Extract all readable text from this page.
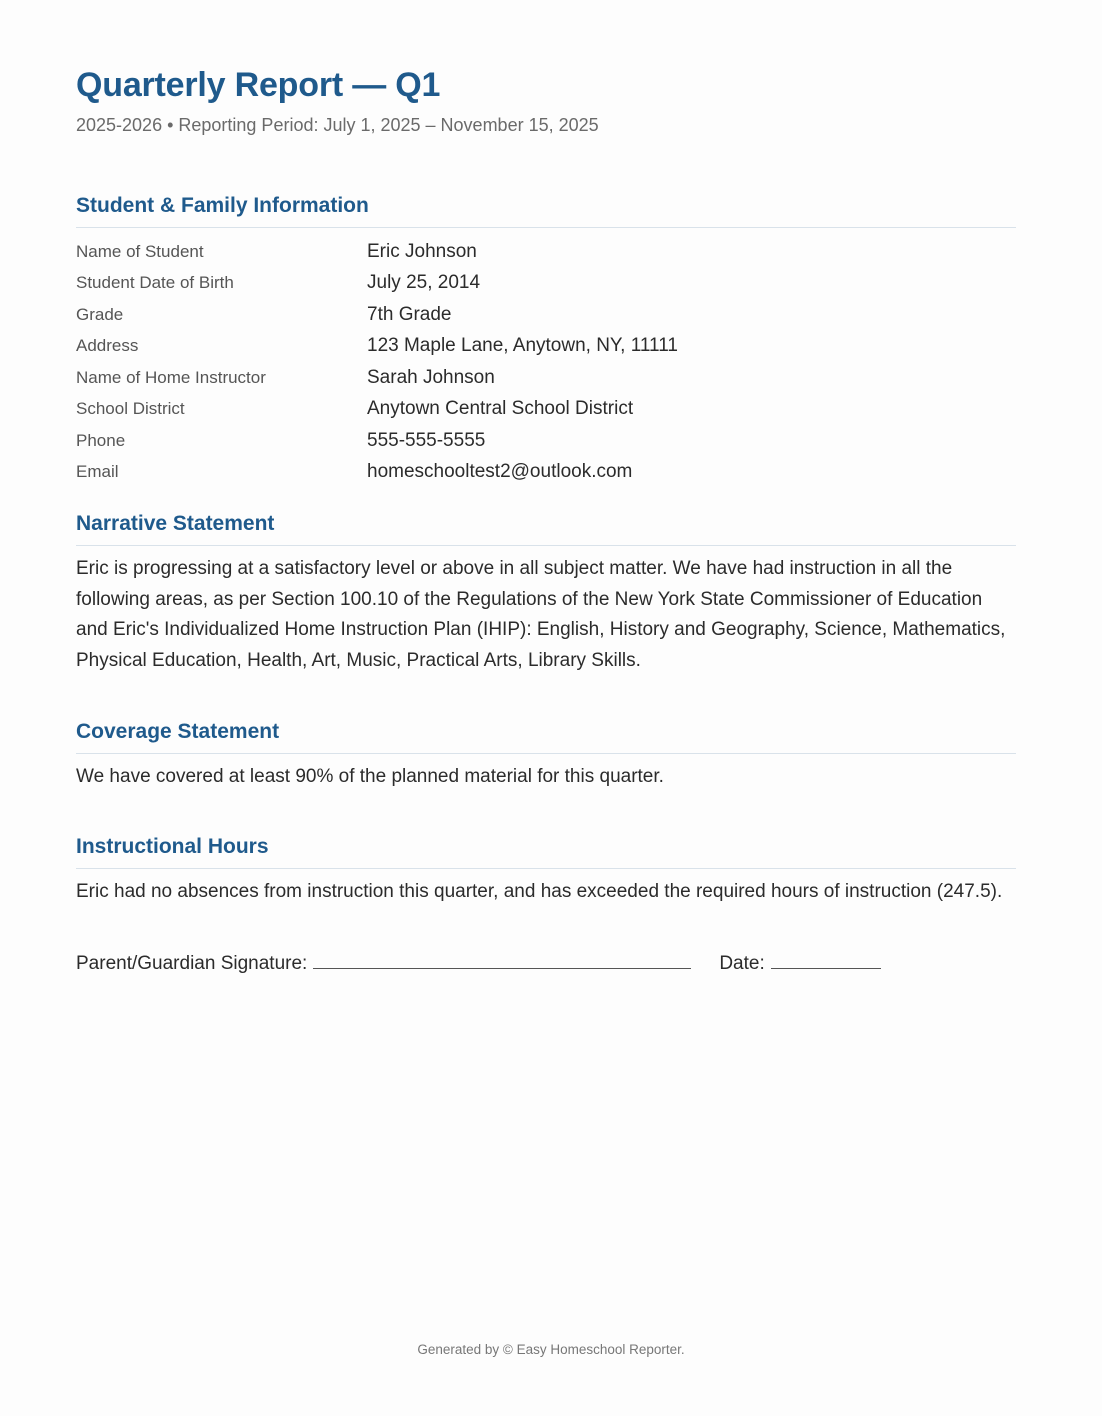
Quarterly Report — Q1
2025-2026 • Reporting Period: July 1, 2025 – November 15, 2025
Student & Family Information
Name of Student	Eric Johnson
Student Date of Birth	July 25, 2014
Grade	7th Grade
Address	123 Maple Lane, Anytown, NY, 11111
Name of Home Instructor	Sarah Johnson
School District	Anytown Central School District
Phone	555-555-5555
Email	homeschooltest2@outlook.com
Narrative Statement
Eric is progressing at a satisfactory level or above in all subject matter. We have had instruction in all the following areas, as per Section 100.10 of the Regulations of the New York State Commissioner of Education and Eric's Individualized Home Instruction Plan (IHIP): English, History and Geography, Science, Mathematics, Physical Education, Health, Art, Music, Practical Arts, Library Skills.
Coverage Statement
We have covered at least 90% of the planned material for this quarter.
Instructional Hours
Eric had no absences from instruction this quarter, and has exceeded the required hours of instruction (247.5).
Parent/Guardian Signature:	Date:
Generated by © Easy Homeschool Reporter.
